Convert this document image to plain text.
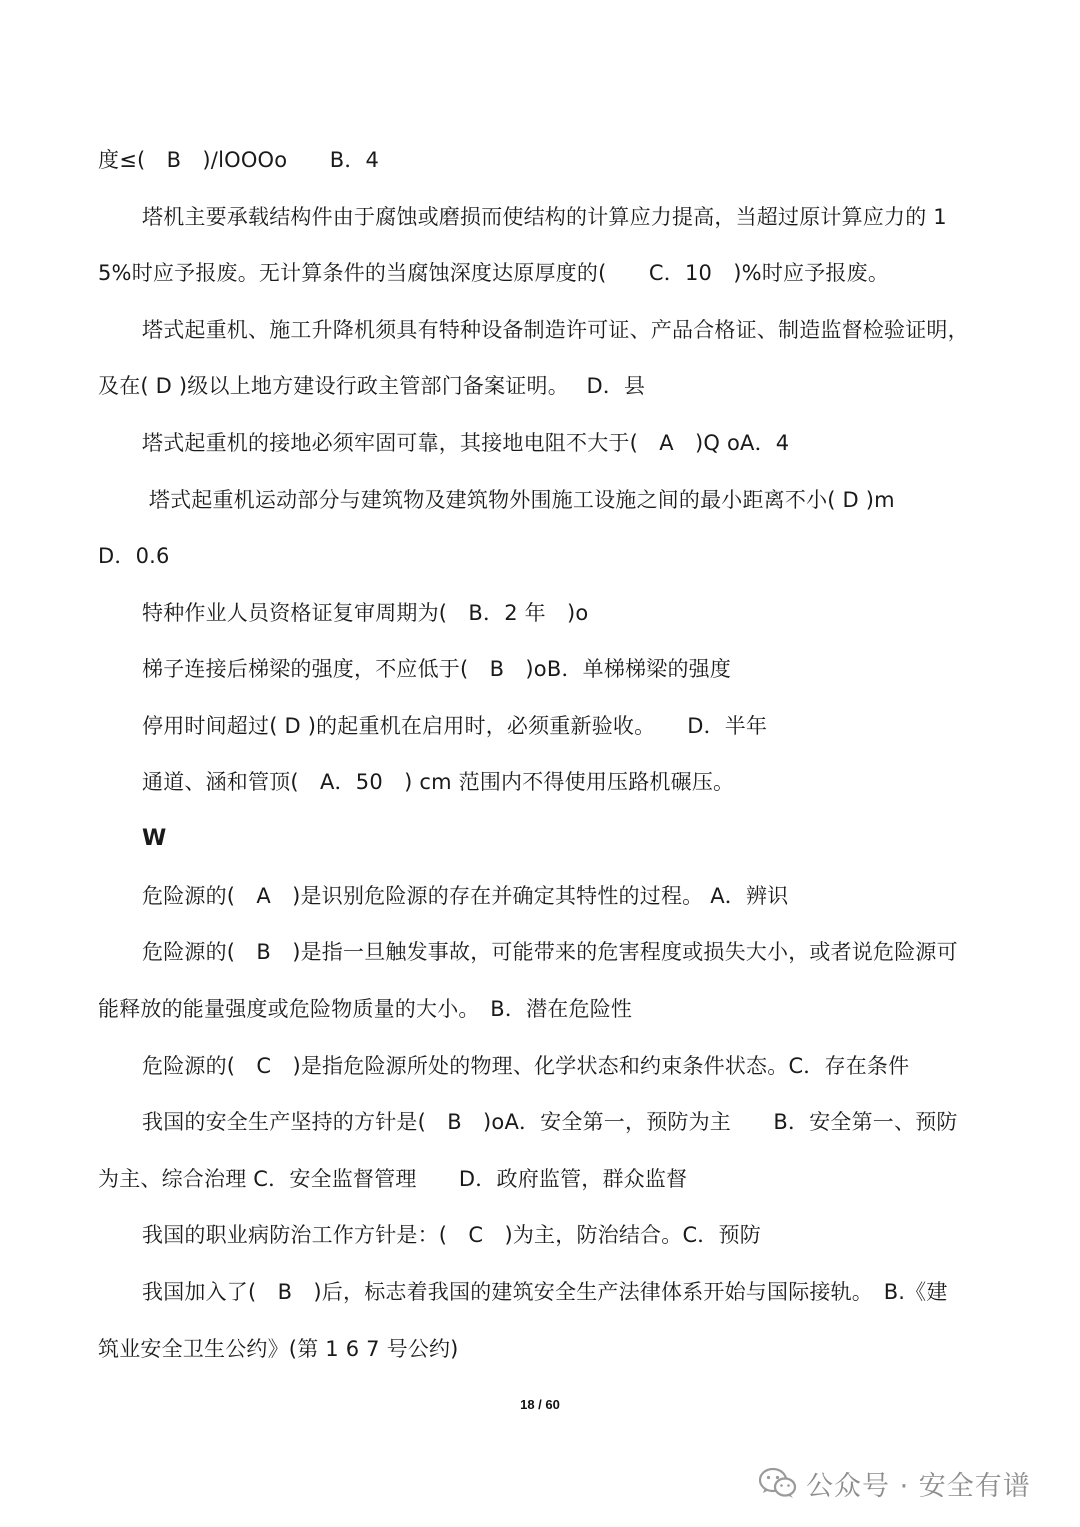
度≤(　B　)/lOOOo　　B．4
塔机主要承载结构件由于腐蚀或磨损而使结构的计算应力提高，当超过原计算应力的 1
5%时应予报废。无计算条件的当腐蚀深度达原厚度的(　　C．10　)%时应予报废。
塔式起重机、施工升降机须具有特种设备制造许可证、产品合格证、制造监督检验证明，
及在( D )级以上地方建设行政主管部门备案证明。　 D．县
塔式起重机的接地必须牢固可靠，其接地电阻不大于(　A　)Q oA．4
塔式起重机运动部分与建筑物及建筑物外围施工设施之间的最小距离不小( D )m
D．0.6
特种作业人员资格证复审周期为(　B．2 年　)o
梯子连接后梯梁的强度，不应低于(　B　)oB．单梯梯梁的强度
停用时间超过( D )的起重机在启用时，必须重新验收。　　D．半年
通道、涵和管顶(　A．50　) cm 范围内不得使用压路机碾压。
W
危险源的(　A　)是识别危险源的存在并确定其特性的过程。 A．辨识
危险源的(　B　)是指一旦触发事故，可能带来的危害程度或损失大小，或者说危险源可
能释放的能量强度或危险物质量的大小。　B．潜在危险性
危险源的(　C　)是指危险源所处的物理、化学状态和约束条件状态。C．存在条件
我国的安全生产坚持的方针是(　B　)oA．安全第一，预防为主　　B．安全第一、预防
为主、综合治理 C．安全监督管理　　D．政府监管，群众监督
我国的职业病防治工作方针是：(　C　)为主，防治结合。C．预防
我国加入了(　B　)后，标志着我国的建筑安全生产法律体系开始与国际接轨。　B.《建
筑业安全卫生公约》(第 1 6 7 号公约)
18 / 60
公众号 · 安全有谱
